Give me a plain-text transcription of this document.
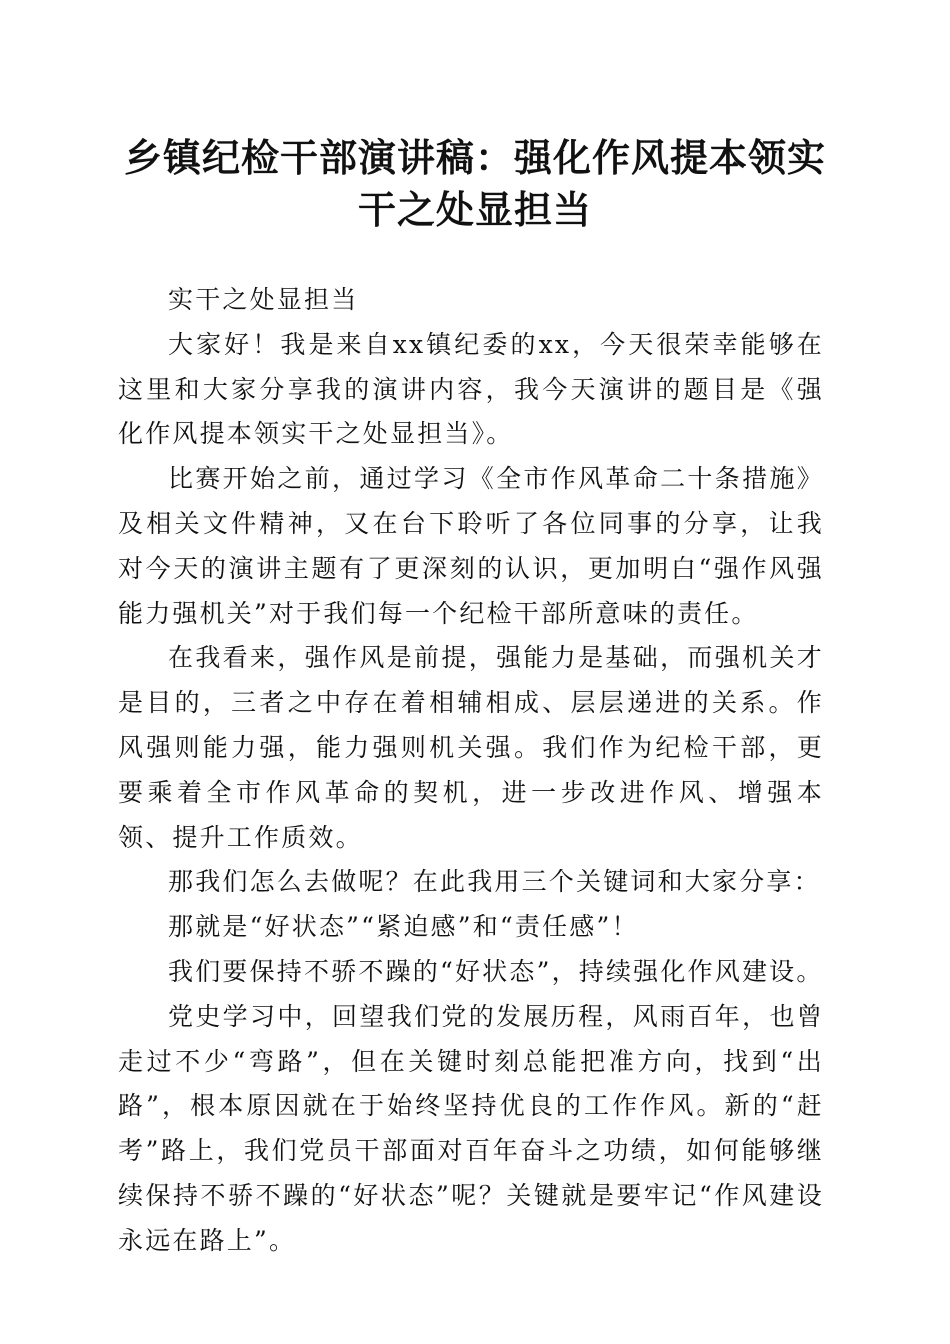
乡镇纪检干部演讲稿：强化作风提本领实干之处显担当

实干之处显担当

大家好！我是来自xx镇纪委的xx，今天很荣幸能够在这里和大家分享我的演讲内容，我今天演讲的题目是《强化作风提本领实干之处显担当》。

比赛开始之前，通过学习《全市作风革命二十条措施》及相关文件精神，又在台下聆听了各位同事的分享，让我对今天的演讲主题有了更深刻的认识，更加明白“强作风强能力强机关”对于我们每一个纪检干部所意味的责任。

在我看来，强作风是前提，强能力是基础，而强机关才是目的，三者之中存在着相辅相成、层层递进的关系。作风强则能力强，能力强则机关强。我们作为纪检干部，更要乘着全市作风革命的契机，进一步改进作风、增强本领、提升工作质效。

那我们怎么去做呢？在此我用三个关键词和大家分享：

那就是“好状态”“紧迫感”和“责任感”！

我们要保持不骄不躁的“好状态”，持续强化作风建设。

党史学习中，回望我们党的发展历程，风雨百年，也曾走过不少“弯路”，但在关键时刻总能把准方向，找到“出路”，根本原因就在于始终坚持优良的工作作风。新的“赶考”路上，我们党员干部面对百年奋斗之功绩，如何能够继续保持不骄不躁的“好状态”呢？关键就是要牢记“作风建设永远在路上”。
